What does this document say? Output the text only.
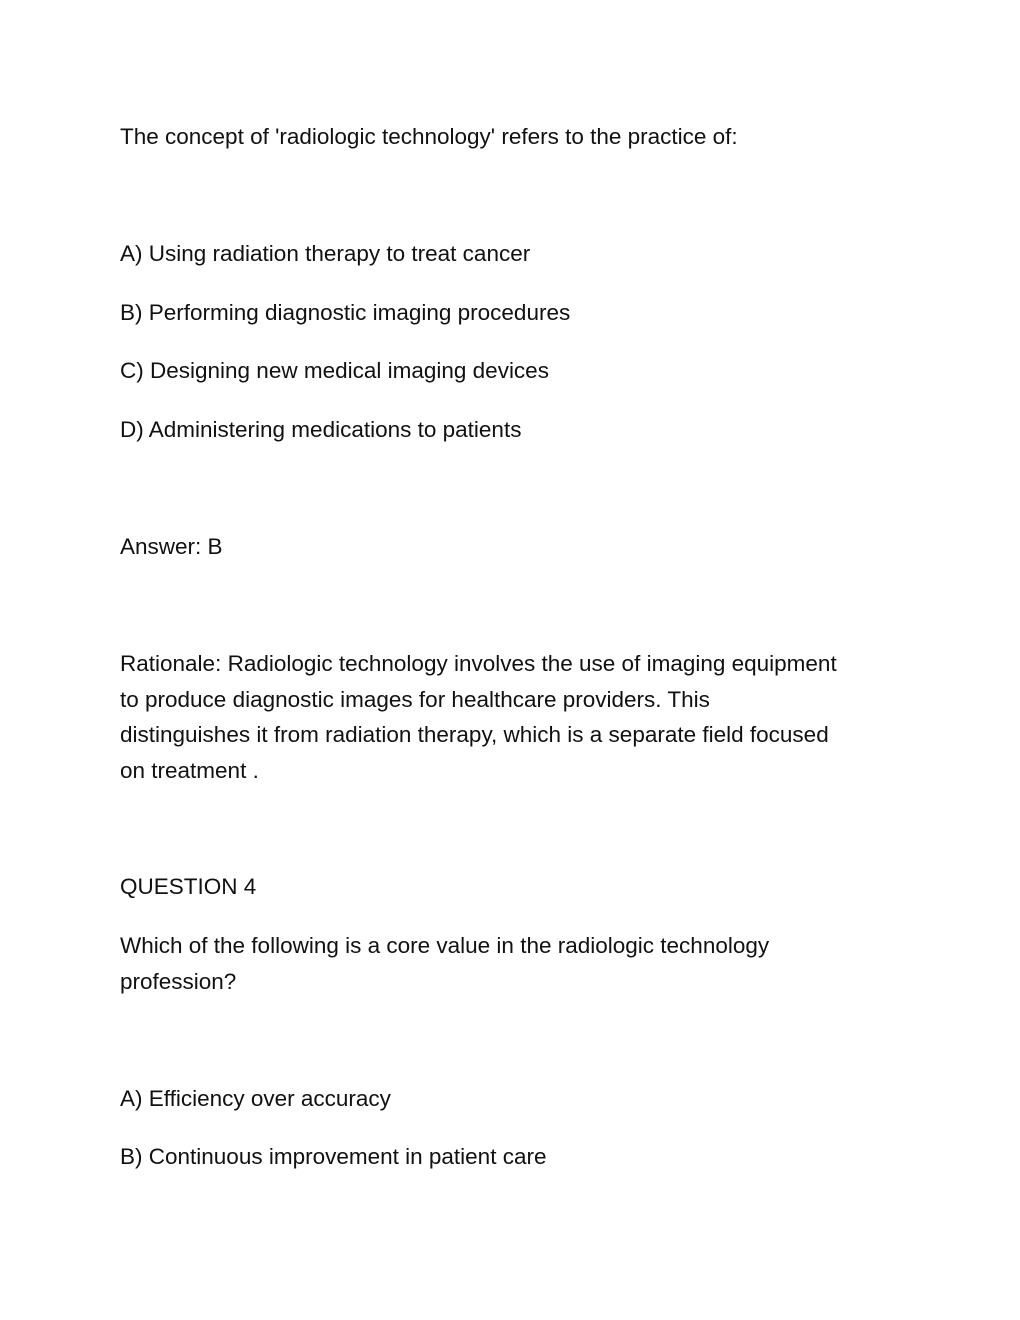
The concept of 'radiologic technology' refers to the practice of:
A) Using radiation therapy to treat cancer
B) Performing diagnostic imaging procedures
C) Designing new medical imaging devices
D) Administering medications to patients
Answer: B
Rationale: Radiologic technology involves the use of imaging equipment
to produce diagnostic images for healthcare providers. This
distinguishes it from radiation therapy, which is a separate field focused
on treatment .
QUESTION 4
Which of the following is a core value in the radiologic technology
profession?
A) Efficiency over accuracy
B) Continuous improvement in patient care
